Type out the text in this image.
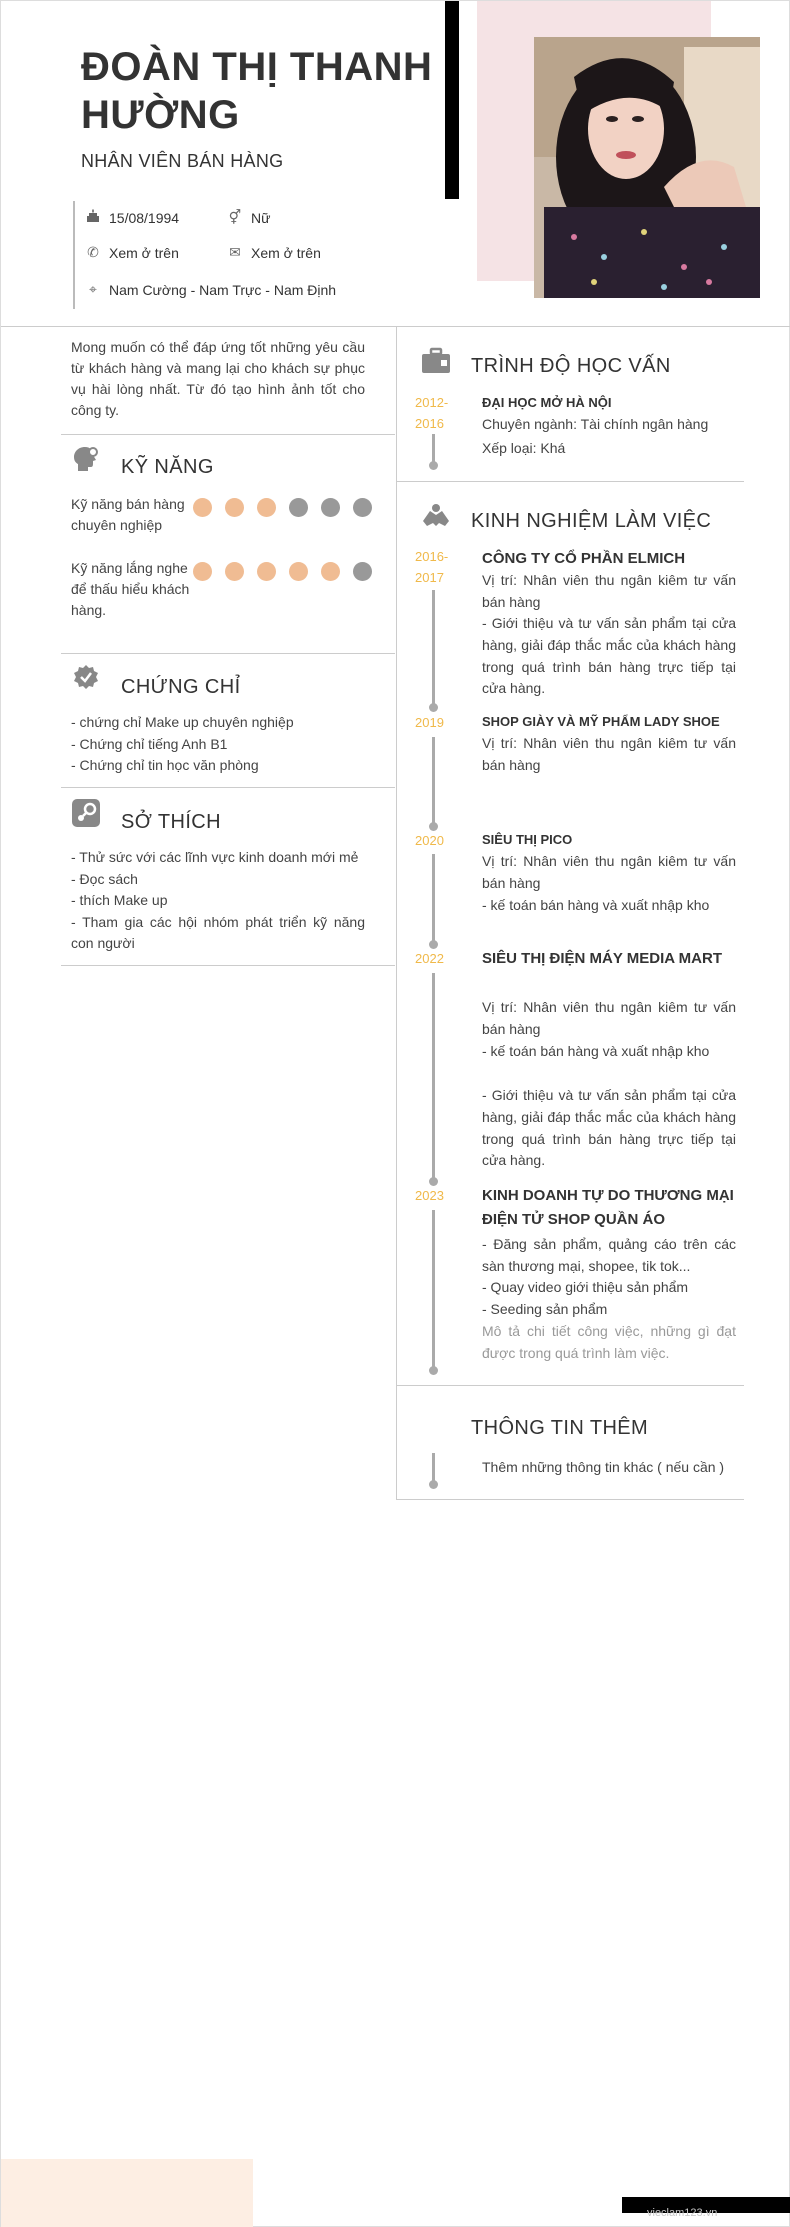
ĐOÀN THỊ THANH HƯỜNG
NHÂN VIÊN BÁN HÀNG
15/08/1994	⚥ Nữ
✆ Xem ở trên	✉ Xem ở trên
⌖ Nam Cường - Nam Trực - Nam Định
Mong muốn có thể đáp ứng tốt những yêu cầu từ khách hàng và mang lại cho khách sự phục vụ hài lòng nhất. Từ đó tạo hình ảnh tốt cho công ty.
KỸ NĂNG
Kỹ năng bán hàng chuyên nghiệp
Kỹ năng lắng nghe để thấu hiểu khách hàng.
CHỨNG CHỈ
- chứng chỉ Make up chuyên nghiệp
- Chứng chỉ tiếng Anh B1
- Chứng chỉ tin học văn phòng
SỞ THÍCH
- Thử sức với các lĩnh vực kinh doanh mới mẻ
- Đọc sách
- thích Make up
- Tham gia các hội nhóm phát triển kỹ năng con người
TRÌNH ĐỘ HỌC VẤN
2012- 2016
ĐẠI HỌC MỞ HÀ NỘI
Chuyên ngành: Tài chính ngân hàng
Xếp loại: Khá
KINH NGHIỆM LÀM VIỆC
2016- 2017
CÔNG TY CỔ PHẦN ELMICH
Vị trí: Nhân viên thu ngân kiêm tư vấn bán hàng
- Giới thiệu và tư vấn sản phẩm tại cửa hàng, giải đáp thắc mắc của khách hàng trong quá trình bán hàng trực tiếp tại cửa hàng.
2019	SHOP GIÀY VÀ MỸ PHẨM LADY SHOE
Vị trí: Nhân viên thu ngân kiêm tư vấn bán hàng
2020	SIÊU THỊ PICO
Vị trí: Nhân viên thu ngân kiêm tư vấn bán hàng
- kế toán bán hàng và xuất nhập kho
2022	SIÊU THỊ ĐIỆN MÁY MEDIA MART
Vị trí: Nhân viên thu ngân kiêm tư vấn bán hàng
- kế toán bán hàng và xuất nhập kho
- Giới thiệu và tư vấn sản phẩm tại cửa hàng, giải đáp thắc mắc của khách hàng trong quá trình bán hàng trực tiếp tại cửa hàng.
2023	KINH DOANH TỰ DO THƯƠNG MẠI ĐIỆN TỬ SHOP QUẦN ÁO
- Đăng sản phẩm, quảng cáo trên các sàn thương mại, shopee, tik tok...
- Quay video giới thiệu sản phẩm
- Seeding sản phẩm
Mô tả chi tiết công việc, những gì đạt được trong quá trình làm việc.
THÔNG TIN THÊM
Thêm những thông tin khác ( nếu cần )
vieclam123.vn
